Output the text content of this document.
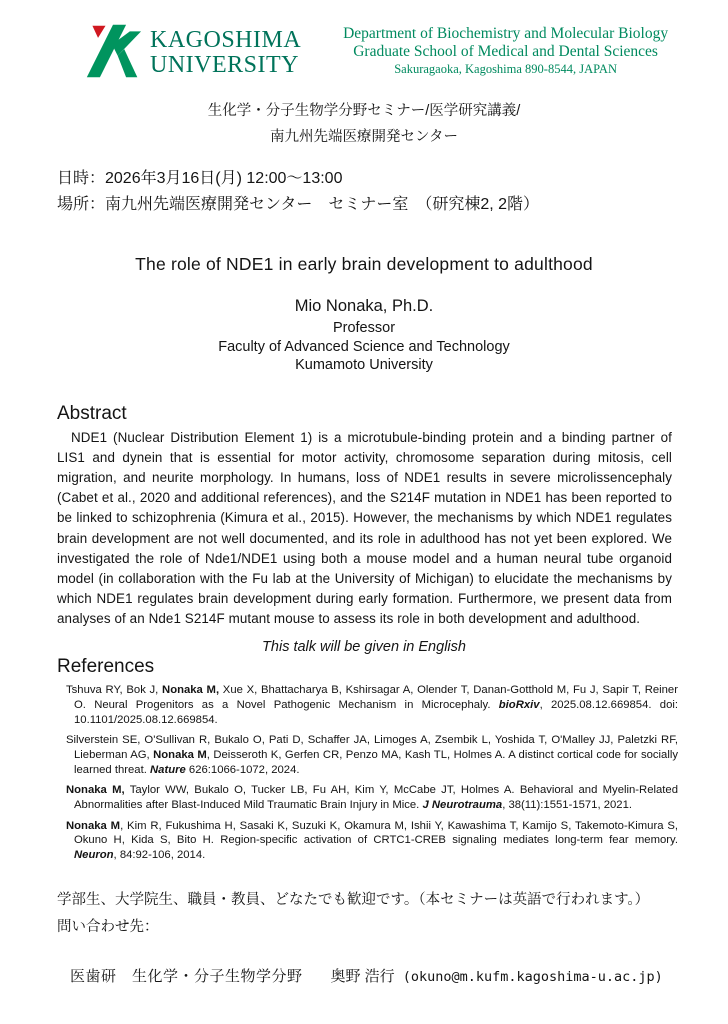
KAGOSHIMA
UNIVERSITY
Department of Biochemistry and Molecular Biology
Graduate School of Medical and Dental Sciences
Sakuragaoka, Kagoshima 890-8544, JAPAN
生化学・分子生物学分野セミナー/医学研究講義/
南九州先端医療開発センター
日時：2026年3月16日(月) 12:00～13:00
場所：南九州先端医療開発センター　セミナー室　（研究棟2, 2階）
The role of NDE1 in early brain development to adulthood
Mio Nonaka, Ph.D.
Professor
Faculty of Advanced Science and Technology
Kumamoto University
Abstract

NDE1 (Nuclear Distribution Element 1) is a microtubule-binding protein and a binding partner of LIS1 and dynein that is essential for motor activity, chromosome separation during mitosis, cell migration, and neurite morphology. In humans, loss of NDE1 results in severe microlissencephaly (Cabet et al., 2020 and additional references), and the S214F mutation in NDE1 has been reported to be linked to schizophrenia (Kimura et al., 2015). However, the mechanisms by which NDE1 regulates brain development are not well documented, and its role in adulthood has not yet been explored. We investigated the role of Nde1/NDE1 using both a mouse model and a human neural tube organoid model (in collaboration with the Fu lab at the University of Michigan) to elucidate the mechanisms by which NDE1 regulates brain development during early formation. Furthermore, we present data from analyses of an Nde1 S214F mutant mouse to assess its role in both development and adulthood.

This talk will be given in English
References

Tshuva RY, Bok J, Nonaka M, Xue X, Bhattacharya B, Kshirsagar A, Olender T, Danan-Gotthold M, Fu J, Sapir T, Reiner O. Neural Progenitors as a Novel Pathogenic Mechanism in Microcephaly. bioRxiv, 2025.08.12.669854. doi: 10.1101/2025.08.12.669854.

Silverstein SE, O'Sullivan R, Bukalo O, Pati D, Schaffer JA, Limoges A, Zsembik L, Yoshida T, O'Malley JJ, Paletzki RF, Lieberman AG, Nonaka M, Deisseroth K, Gerfen CR, Penzo MA, Kash TL, Holmes A. A distinct cortical code for socially learned threat. Nature 626:1066-1072, 2024.

Nonaka M, Taylor WW, Bukalo O, Tucker LB, Fu AH, Kim Y, McCabe JT, Holmes A. Behavioral and Myelin-Related Abnormalities after Blast-Induced Mild Traumatic Brain Injury in Mice. J Neurotrauma, 38(11):1551-1571, 2021.

Nonaka M, Kim R, Fukushima H, Sasaki K, Suzuki K, Okamura M, Ishii Y, Kawashima T, Kamijo S, Takemoto-Kimura S, Okuno H, Kida S, Bito H. Region-specific activation of CRTC1-CREB signaling mediates long-term fear memory. Neuron, 84:92-106, 2014.

学部生、大学院生、職員・教員、どなたでも歓迎です。（本セミナーは英語で行われます。）
問い合わせ先：
医歯研　生化学・分子生物学分野 奥野 浩行 (okuno@m.kufm.kagoshima-u.ac.jp)
